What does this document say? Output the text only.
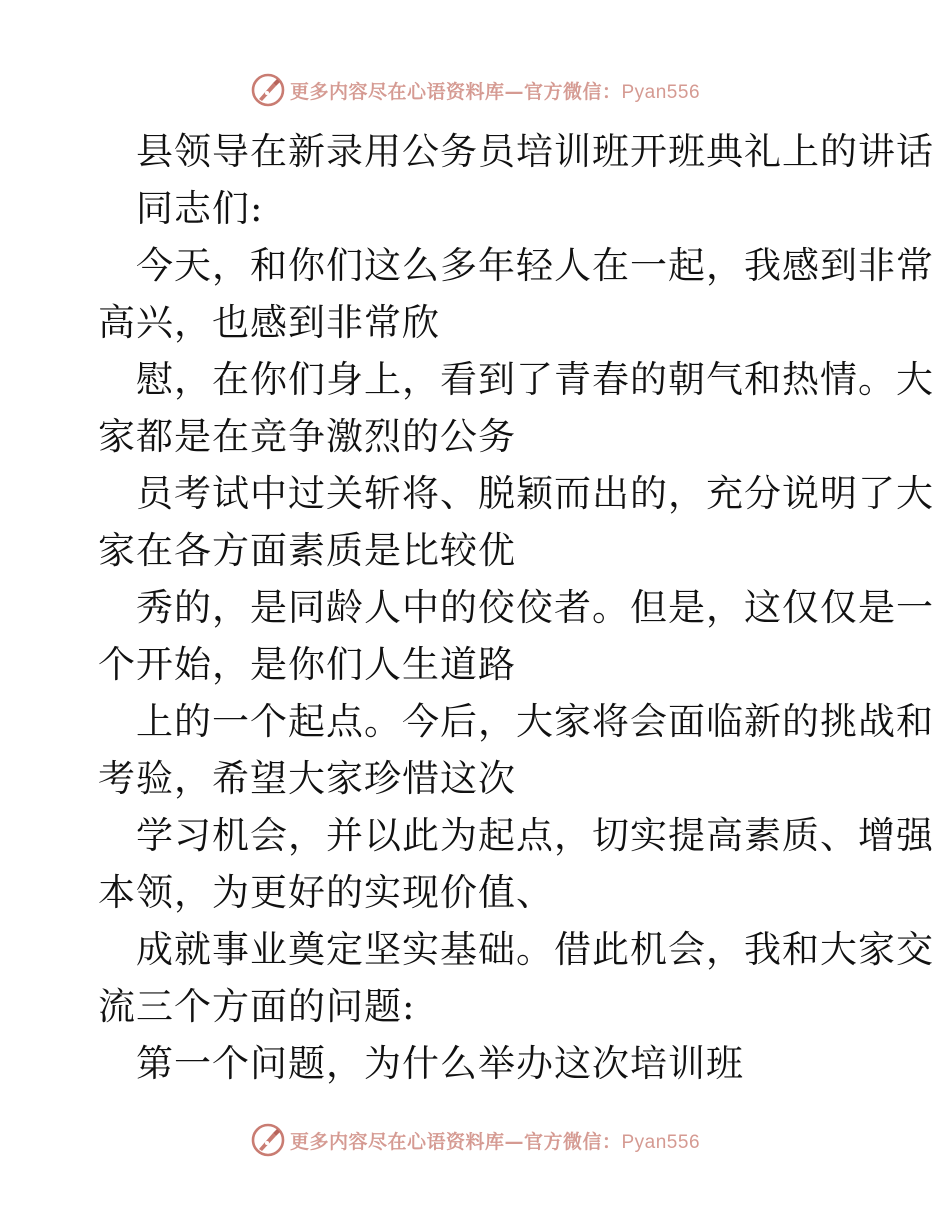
更多内容尽在心语资料库—官方微信：Pyan556
县领导在新录用公务员培训班开班典礼上的讲话
同志们:
今天，和你们这么多年轻人在一起，我感到非常
高兴，也感到非常欣
慰，在你们身上，看到了青春的朝气和热情。大
家都是在竞争激烈的公务
员考试中过关斩将、脱颖而出的，充分说明了大
家在各方面素质是比较优
秀的，是同龄人中的佼佼者。但是，这仅仅是一
个开始，是你们人生道路
上的一个起点。今后，大家将会面临新的挑战和
考验，希望大家珍惜这次
学习机会，并以此为起点，切实提高素质、增强
本领，为更好的实现价值、
成就事业奠定坚实基础。借此机会，我和大家交
流三个方面的问题:
第一个问题，为什么举办这次培训班
更多内容尽在心语资料库—官方微信：Pyan556
